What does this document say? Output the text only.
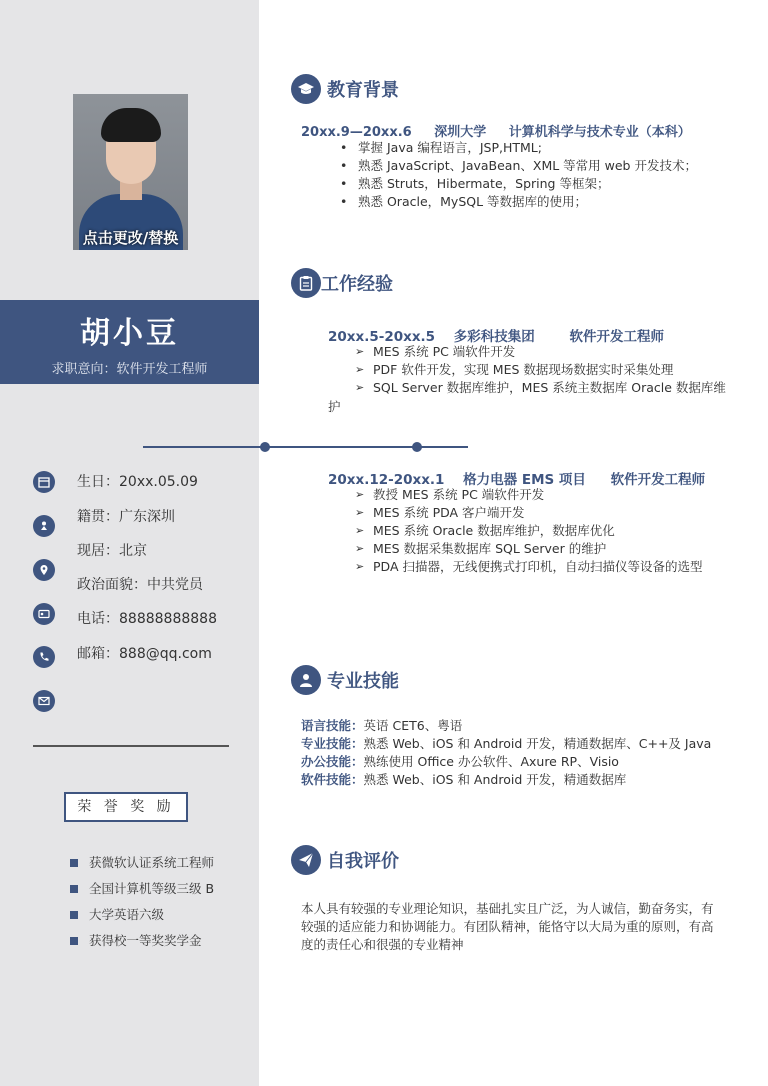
点击更改/替换
胡小豆
求职意向：软件开发工程师
生日：20xx.05.09
籍贯：广东深圳
现居：北京
政治面貌：中共党员
电话：88888888888
邮箱：888@qq.com
荣 誉 奖 励
获微软认证系统工程师
全国计算机等级三级 B
大学英语六级
获得校一等奖奖学金
教育背景
20xx.9—20xx.6 深圳大学 计算机科学与技术专业（本科）
• 掌握 Java 编程语言，JSP,HTML;
• 熟悉 JavaScript、JavaBean、XML 等常用 web 开发技术；
• 熟悉 Struts，Hibermate，Spring 等框架；
• 熟悉 Oracle，MySQL 等数据库的使用；
工作经验
20xx.5-20xx.5 多彩科技集团	软件开发工程师
➢ MES 系统 PC 端软件开发
➢ PDF 软件开发，实现 MES 数据现场数据实时采集处理
➢ SQL Server 数据库维护，MES 系统主数据库 Oracle 数据库维
护
20xx.12-20xx.1 格力电器 EMS 项目 软件开发工程师
➢ 教授 MES 系统 PC 端软件开发
➢ MES 系统 PDA 客户端开发
➢ MES 系统 Oracle 数据库维护，数据库优化
➢ MES 数据采集数据库 SQL Server 的维护
➢ PDA 扫描器，无线便携式打印机，自动扫描仪等设备的选型
专业技能
语言技能：英语 CET6、粤语
专业技能：熟悉 Web、iOS 和 Android 开发，精通数据库、C++及 Java
办公技能：熟练使用 Office 办公软件、Axure RP、Visio
软件技能：熟悉 Web、iOS 和 Android 开发，精通数据库
自我评价
本人具有较强的专业理论知识，基础扎实且广泛，为人诚信，勤奋务实，有较强的适应能力和协调能力。有团队精神，能恪守以大局为重的原则，有高度的责任心和很强的专业精神
